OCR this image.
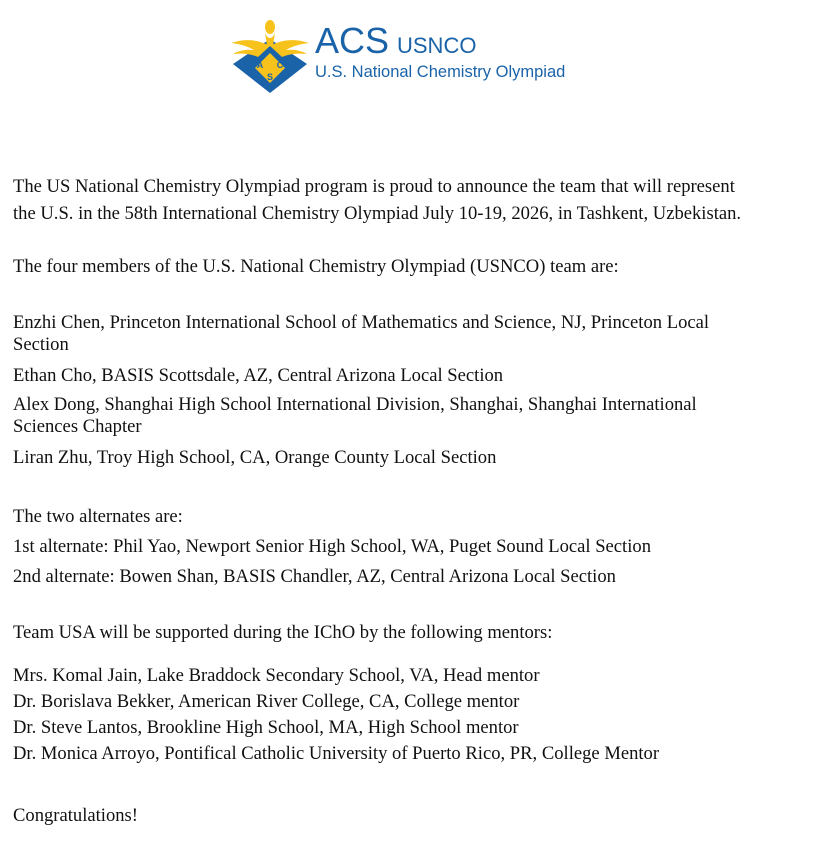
A C
S
ACS USNCO
U.S. National Chemistry Olympiad

The US National Chemistry Olympiad program is proud to announce the team that will represent

the U.S. in the 58th International Chemistry Olympiad July 10-19, 2026, in Tashkent, Uzbekistan.

The four members of the U.S. National Chemistry Olympiad (USNCO) team are:

Enzhi Chen, Princeton International School of Mathematics and Science, NJ, Princeton Local

Section

Ethan Cho, BASIS Scottsdale, AZ, Central Arizona Local Section

Alex Dong, Shanghai High School International Division, Shanghai, Shanghai International

Sciences Chapter

Liran Zhu, Troy High School, CA, Orange County Local Section

The two alternates are:

1st alternate: Phil Yao, Newport Senior High School, WA, Puget Sound Local Section

2nd alternate: Bowen Shan, BASIS Chandler, AZ, Central Arizona Local Section

Team USA will be supported during the IChO by the following mentors:

Mrs. Komal Jain, Lake Braddock Secondary School, VA, Head mentor

Dr. Borislava Bekker, American River College, CA, College mentor

Dr. Steve Lantos, Brookline High School, MA, High School mentor

Dr. Monica Arroyo, Pontifical Catholic University of Puerto Rico, PR, College Mentor

Congratulations!
